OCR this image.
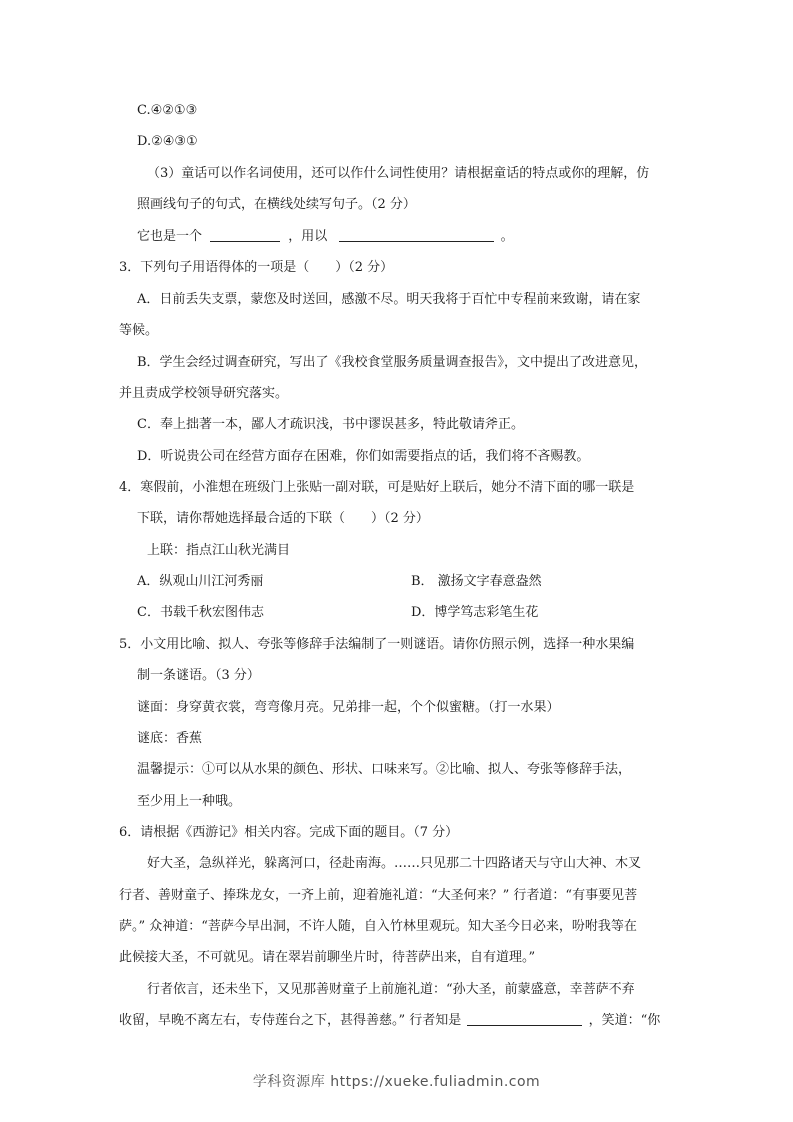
C.④②①③
D.②④③①
（3）童话可以作名词使用，还可以作什么词性使用？请根据童话的特点或你的理解，仿
照画线句子的句式，在横线处续写句子。（2 分）
它也是一个	，用以	。
3．下列句子用语得体的一项是（　　）（2 分）
A．日前丢失支票，蒙您及时送回，感激不尽。明天我将于百忙中专程前来致谢，请在家
等候。
B．学生会经过调查研究，写出了《我校食堂服务质量调查报告》，文中提出了改进意见，
并且责成学校领导研究落实。
C．奉上拙著一本，鄙人才疏识浅，书中谬误甚多，特此敬请斧正。
D．听说贵公司在经营方面存在困难，你们如需要指点的话，我们将不吝赐教。
4．寒假前，小淮想在班级门上张贴一副对联，可是贴好上联后，她分不清下面的哪一联是
下联，请你帮她选择最合适的下联（　　）（2 分）
上联：指点江山秋光满目
A．纵观山川江河秀丽	B． 激扬文字春意盎然
C．书载千秋宏图伟志	D．博学笃志彩笔生花
5．小文用比喻、拟人、夸张等修辞手法编制了一则谜语。请你仿照示例，选择一种水果编
制一条谜语。（3 分）
谜面：身穿黄衣裳，弯弯像月亮。兄弟排一起，个个似蜜糖。（打一水果）
谜底：香蕉
温馨提示：①可以从水果的颜色、形状、口味来写。②比喻、拟人、夸张等修辞手法，
至少用上一种哦。
6．请根据《西游记》相关内容。完成下面的题目。（7 分）
好大圣，急纵祥光，躲离河口，径赴南海。……只见那二十四路诸天与守山大神、木叉
行者、善财童子、捧珠龙女，一齐上前，迎着施礼道：“大圣何来？” 行者道：“有事要见菩
萨。” 众神道：“菩萨今早出洞，不许人随，自入竹林里观玩。知大圣今日必来，吩咐我等在
此候接大圣，不可就见。请在翠岩前聊坐片时，待菩萨出来，自有道理。”
行者依言，还未坐下，又见那善财童子上前施礼道：“孙大圣，前蒙盛意，幸菩萨不弃
收留，早晚不离左右，专侍莲台之下，甚得善慈。” 行者知是	，笑道：“你
学科资源库 https://xueke.fuliadmin.com
